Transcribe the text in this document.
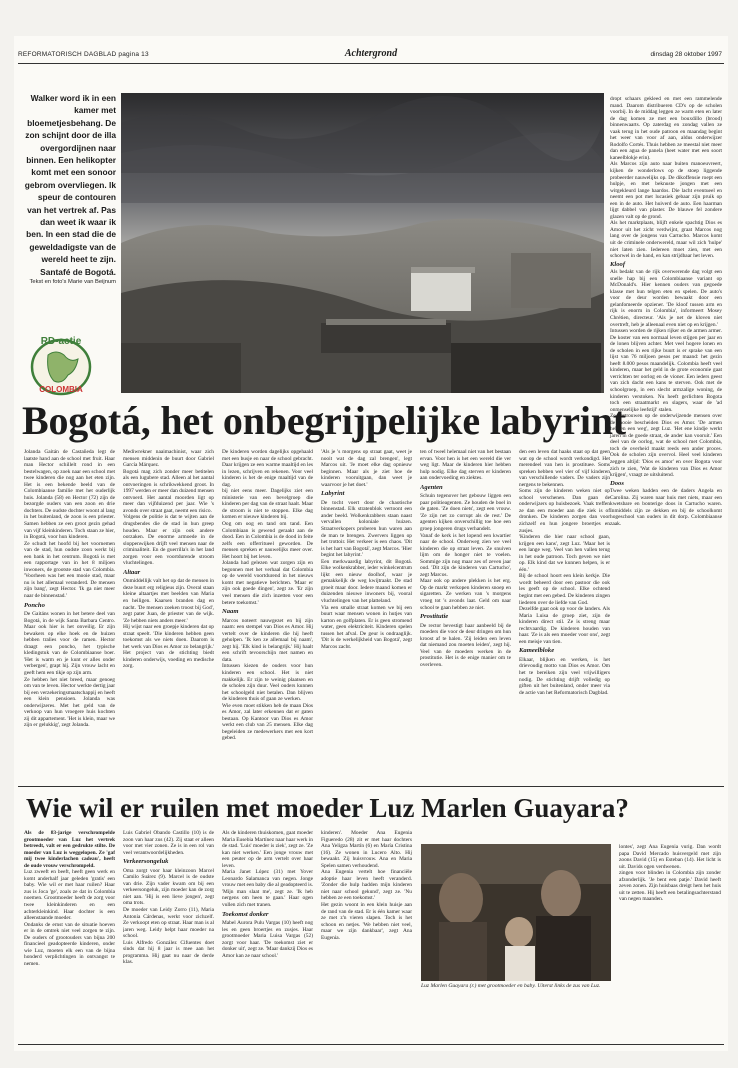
REFORMATORISCH DAGBLAD pagina 13	Achtergrond	dinsdag 28 oktober 1997
Walker word ik in een kamer met bloemetjesbehang. De zon schijnt door de illa overgordijnen naar binnen. Een helikopter komt met een sonoor gebrom overvliegen. Ik speur de contouren van het vertrek af. Pas dan weet ik waar ik ben. In een stad die de geweldadigste van de wereld heet te zijn. Santafé de Bogotá.
Tekst en foto's Marie van Beijnum
RD-actie
COLOMBIA
dropt schaars gekleed en met een rammelende mand. Daarom distribueren CD's op de scholen voorbij. In de middag leggen ze warm eten en later de dag komen ze met een bouxdillo (brood) binnenwaarts. Op zaterdag en zondag vallen ze vaak terug in het oude patroon en maandag begint het weer van voor af aan, aldus onderwijzer Rodolfo Cortés. Thuis hebben ze meestal niet meer dan een agua de panela (heet water met een soort kaneelblokje erin).
Als Marcos zijn auto naar buiten manoeuvreert, kijken de wonderlows op de stoep liggende probeerder nauwelijks op. De dikoffensie roept een hulpje, en met beknuste jongen met een witgekleurd lange haardos. Die lacht eventueel en neemt een pot met lucasiek gebaar zijn pruik op een in de auto. Het huiverd de auto. Een haarman lijgt dabbel van plaster. De blauwe fel zondere glazen valt op de grond.
Als het marktplaats, blijft enkele spachtig Dios es Amor uit het zicht verdwijnt, graat Marcos nog lang over de jongens van Cartucho. Marcos komt uit de criminele onderwereld, maar wil zich 'hulpe' niet laten zien. Iedereen moet zien, met een schorwel in de hand, en kan strijdbaar het leven.
Kloof
Als bedakt van de rijk overwerende dag volgt een snelle hap bij een Colombiaanse variant op McDonald's. Hier kennen ouders van gegoede klasse met hun telgen eten en spelen. De auto's voor de deur worden bewaakt door een gelanfomeerde opziener. 'De kloof tussen arm en rijk is enorm in Colombia', informeert Mosey Chrétien, directeur. 'Als je net de kloven niet overtreft, heb je alleenaal even niet op en krijgen.'
Intussen worden de rijken rijker en de armen armer. De koster van een normaal leven stijgen per jaar en de lonen blijven achter. Met veel hogere lonen en de scholen in een rijke buurt is er sprake van een lijst van 76 miljoen pesos per maand: het gezin heeft 8.000 pesos maandelijk. Colombia heeft veel kinderen, maar het geld in de grote economie gaat verrichten ter oorlog en de vioner. Een ieders geest van zich dacht een kans te sterven. Ook met de schoolgroep, in een slecht armzalige woning, de kinderen verstoken. Nu heeft gerlichten Bogota toch een straatmarkt en slagers, waar de 'ad onmenselijke leefstijl' stalen.
Ze vertrouwen op de onderwijzende mensen over de mooie bescheiden Dios es Amor. 'De armen hebben een weg', zegt Luz. 'Het ene kindje werkt jaren in de goede straat, de ander kan vooruit.' Een deel van de oorlog, wat de school met Colombia, toch de overheid maakt reeds een ander proces. Ook de scholen zijn overvol. Heel veel kinderen zeggen altijd: 'Dios es amor' en over Bogota voor zich te zien, 'Wat de kinderen van Dios es Amor krijgen', vraagt ze uitsluitend.
Doos
Twee weken hadden een de daders Angela en Carolina. Zij waren naar huis met niets, maar een kwetsbare en bonterige doos in Cartucho waren. Inmiddels zijn ze dekken en bij de schoolkomt hogeschool van ouders in dit dorp. Colombiaanse zaak.
Bogotá, het onbegrijpelijke labyrint
Jolanda Gaitán de Castañeda legt de laatste hand aan de school met fruit. Haar man Hector schillelt rond in een bestelwagen, op zoek naar een school met twee kinderen die nog aan het eten zijn. Het is een bekende beeld van de Colombiaanse familie met het ouderlijk huis. Jolanda (58) en Hector (72) zijn de bezorgde ouders van een zoon en drie dochters. De oudste dochter woont al lang in het buitenland, de zoon is een priester. Samen hebben ze een groot gezin gehad van vijf kleinkinderen. Toch staan ze hier, in Bogotá, voor hun kinderen.
Ze schudt het hoofd bij het voornemen van de stad, hun oudste zoon werkt bij een bank in het centrum. Bogotá is met een rapportage van in het 8 miljoen inwoners, de grootste stad van Colombia. 'Voorheen was het een mooie stad, maar nu is het allemaal veranderd. De mensen zijn bang', zegt Hector. 'Ik ga niet meer naar de binnenstad.'
Poncho
De Gaitáns wonen in het betere deel van Bogotá, in de wijk Santa Barbara Centro. Maar ook hier is het onveilig. Er zijn bewakers op elke hoek en de huizen hebben tralies voor de ramen. Hector draagt een poncho, het typische kledingstuk van de Colombiaanse boer. 'Het is warm en je kunt er alles onder verbergen', grapt hij. Zijn vrouw lacht en geeft hem een tikje op zijn arm.
Ze hebben het niet breed, maar genoeg om van te leven. Hector werkte dertig jaar bij een verzekeringsmaatschappij en heeft een klein pensioen. Jolanda was onderwijzeres. Met het geld van de verkoop van hun vroegere huis kochten zij dit appartement. 'Het is klein, maar we zijn er gelukkig', zegt Jolanda.
Mediwrekner naaimachinist, waar zich mensen middenin de buurt door Gabriel García Márquez.
Bogotá mag zich zonder meer betitelen als een lugubere stad. Alleen al het aantal ontvoeringen is schrikwekkend groot. In 1997 werden er meer dan duizend mensen ontvoerd. Het aantal moorden ligt op meer dan vijfduizend per jaar. Wie 's avonds over straat gaat, neemt een risico.
Volgens de politie is dat te wijten aan de drugsbendes die de stad in hun greep houden. Maar er zijn ook andere oorzaken. De enorme armoede in de sloppenwijken drijft veel mensen naar de criminaliteit. En de guerrilla's in het land zorgen voor een voortdurende stroom vluchtelingen.
Altaar
Onmiddellijk valt het op dat de mensen in deze buurt erg religieus zijn. Overal staan kleine altaartjes met beelden van Maria en heiligen. Kaarsen branden dag en nacht. 'De mensen zoeken troost bij God', zegt pater Juan, de priester van de wijk. 'Ze hebben niets anders meer.'
Hij wijst naar een groepje kinderen dat op straat speelt. 'Die kinderen hebben geen toekomst als we niets doen. Daarom is het werk van Dios es Amor zo belangrijk.' Het project van de stichting biedt kinderen onderwijs, voeding en medische zorg.
De kinderen worden dagelijks opgehaald met een busje en naar de school gebracht. Daar krijgen ze een warme maaltijd en les in lezen, schrijven en rekenen. Voor veel kinderen is het de enige maaltijd van de dag.
bij niet eens meer. Dagelijks ziet een ministerie van een bevelgroep die kinderen per dag van de straat haalt. Maar de stroom is niet te stoppen. Elke dag komen er nieuwe kinderen bij.
Oog om oog en tand om tand. Een Colombiaan is gewend geraakt aan de dood. Een in Colombia is de dood in feite zelfs een offerritueel geworden. De mensen spreken er nauwelijks meer over. Het hoort bij het leven.
Jolanda had gelezen wat zorgen zijn en begonnen met het verhaal dat Colombia op de wereld voortdurend in het nieuws komt met negatieve berichten. 'Maar er zijn ook goede dingen', zegt ze. 'Er zijn veel mensen die zich inzetten voor een betere toekomst.'
Naam
Marcos noteert nauwgezet en bij zijn naam: een stempel van Dios es Amor. Hij vertelt over de kinderen die hij heeft geholpen. 'Ik ken ze allemaal bij naam', zegt hij. 'Elk kind is belangrijk.' Hij haalt een schrift tevoorschijn met namen en data.
Intussen kiezen de ouders voor hun kinderen een school. Het is niet makkelijk. Er zijn te weinig plaatsen en de scholen zijn duur. Veel ouders kunnen het schoolgeld niet betalen. Dan blijven de kinderen thuis of gaan ze werken.
Wie even moet stikken heb de maan Dios es Amor, zal later erkennen dat er gaten bestaan. Op Kantoor van Dios es Amor werkt een club van 25 mensen. Elke dag begeleiden ze medewerkers met een kort gebed.
'Als je 's morgens op straat gaat, weet je nooit wat de dag zal brengen', legt Marcos uit. 'Je moet elke dag opnieuw beginnen. Maar als je ziet hoe de kinderen vooruitgaan, dan weet je waarvoor je het doet.'
Labyrint
De tocht voert door de chaotische binnenstad. Elk stratenblok vertoont een ander beeld. Wolkenkrabbers staan naast vervallen koloniale huizen. Straatverkopers proberen hun waren aan de man te brengen. Zwervers liggen op het trottoir. Het verkeer is een chaos. 'Dit is het hart van Bogotá', zegt Marcos. 'Hier begint het labyrint.'
Een merkwaardig labyrint, dit Bogotá. Elke wolkenkrabber, ieder winkelcentrum lijkt een nieuw doolhof, waar je gemakkelijk de weg kwijtraakt. De stad groeit maar door. Iedere maand komen er duizenden nieuwe inwoners bij, vooral vluchtelingen van het platteland.
Via een smalle straat komen we bij een buurt waar mensen wonen in hutjes van karton en golfplaten. Er is geen stromend water, geen elektriciteit. Kinderen spelen tussen het afval. De geur is ondraaglijk. 'Dit is de werkelijkheid van Bogotá', zegt Marcos zacht.
ten of tweel helemaal niet van het bestaan ervan. Voor hen is het een wereld die ver weg ligt. Maar de kinderen hier hebben hulp nodig. Elke dag sterven er kinderen aan ondervoeding en ziektes.
Agenten
Schuin tegenover het gebouw liggen een paar politieagenten. Ze houden de boel in de gaten. 'Ze doen niets', zegt een vrouw. 'Ze zijn net zo corrupt als de rest.' De agenten kijken onverschillig toe hoe een groep jongeren drugs verhandelt.
Vanaf de kerk is het lopend een kwartier naar de school. Onderweg zien we veel kinderen die op straat leven. Ze snuiven lijm om de honger niet te voelen. Sommige zijn nog maar zes of zeven jaar oud. 'Dit zijn de kinderen van Cartucho', zegt Marcos.
Maar ook op andere plekken is het erg. Op de markt verkopen kinderen snoep en sigaretten. Ze werken van 's morgens vroeg tot 's avonds laat. Geld om naar school te gaan hebben ze niet.
Prostitutie
De rector bevestigt haar aanbeeld bij de moeders die voor de deur dringen om hun kroost af te halen. 'Zij leiden een leven dat niemand zou moeten leiden', zegt hij. Veel van de moeders werken in de prostitutie. Het is de enige manier om te overleven.
den een leven dat haaks staat op dat geen wat op de school wordt verkondigd. Het merendeel van hen is prostituee. Soms spreken hebben wel vier of vijf kinderen van verschillende vaders. De vaders zijn nergens te bekennen.
Soms zijn de kinderen weken niet op school verschenen. Dan gaan de onderwijzers op huisbezoek. Vaak treffen ze dan een moeder aan die ziek is of dronken. De kinderen zorgen dan voor zichzelf en hun jongere broertjes en zusjes.
'Kinderen die hier naar school gaan, krijgen een kans', zegt Luz. 'Maar het is een lange weg. Veel van hen vallen terug in het oude patroon. Toch geven we niet op. Elk kind dat we kunnen helpen, is er één.'
Bij de school hoort een klein kerkje. Die wordt beheerd door een pastoor die ook les geeft op de school. Elke ochtend begint met een gebed. De kinderen zingen liederen over de liefde van God.
Dezelfde gaat ook op voor de landers. Als Maria Luisa de groep ziet, zijn de kinderen direct stil. Ze is streng maar rechtvaardig. De kinderen houden van haar. 'Ze is als een moeder voor ons', zegt een meisje van tien.
Kameelbloke
Elkaar, blijken en werken, is het drievoudig motto van Dios es Amor. Om het te bereiken zijn veel vrijwilligers nodig. De stichting drijft volledig op giften uit het buitenland, onder meer via de actie van het Reformatorisch Dagblad.
Wie wil er ruilen met moeder Luz Marlen Guayara?
Als de 83-jarige verschrompelde grootmoeder van Luz het vertrek betreedt, valt er een gedrukte stilte. De moeder van Luz is weggelopen. Ze 'gaf mij twee kinderlachen cadeau', heeft de oude vrouw verschrompeld.
Luz zweeft en beeft, heeft geen werk en komt anderhalf jaar geleden 'gratis' een baby. Wie wil er met haar ruilen? Haar zus is Joca 'ge', zoals ze dat in Colombia noemen. Grootmoeder heeft de zorg voor twee kleinkinderen en een achterkleinkind. Haar dochter is een alleenstaande moeder.
Ondanks de ernst van de situatie hoeven er in de omtrek niet veel zorgen te zijn. De ouders of grootouders van bijna 200 financieel geadopteerde kinderen, onder wie Luz, moeten elk een van de bijna honderd verplichtingen in ontvangst te nemen.
Luis Gabriel Obando Castillo (10) is de zoon van haar zus (42). Zij staat er alleen voor met vier zonen. Ze is in een rol van veel verantwoordelijkheden.
Verkeersongeluk
Oma zorgt voor haar kleinzoon Marcel Camilo Suárez (9). Marcel is de oudste van drie. Zijn vader kwam om bij een verkeersongeluk, zijn moeder kan de zorg niet aan. 'Hij is een lieve jongen', zegt oma trots.
De moeder van Leidy Zorro (11), Maria Antonia Cárdenas, werkt voor zichzelf. Ze verkoopt eten op straat. Haar man is al jaren weg. Leidy helpt haar moeder na school.
Luis Alfredo González Cifuentes doet sinds dat hij 8 jaar is mee aan het programma. Hij gaat nu naar de derde klas.
Als de kinderen thuiskomen, gaat moeder Maria Eusebia Martínez naar haar werk in de stad. 'Luis' moeder is ziek', zegt ze. 'Ze kan niet werken.' Een jonge vrouw met een peuter op de arm vertelt over haar leven.
Maria Janet López (31) met Yover Leonardo Salamanca van negen. Jonge vrouw met een baby die al geadopteerd is. 'Mijn man slaat me', zegt ze. 'Ik heb nergens om heen te gaan.' Haar ogen vullen zich met tranen.
Toekomst donker
Mabel Aurora Pulu Vargas (10) heeft nog les en geen broertjes en zusjes. Haar grootmoeder Maria Luisa Vargas (52) zorgt voor haar. 'De toekomst ziet er donker uit', zegt ze. 'Maar dankzij Dios es Amor kan ze naar school.'
kinderen'. Moeder Ana Eugenia Figueredo (28) zit er met haar dochters Ana Yeligza Martín (6) en María Cristina (16). Ze wonen in Lucero Alto. Hij bewaakt. Zij huisvrouw. Ana en Maria Spelen samen verhoudend.
Ana Eugenia vertelt hoe financiële adoptie haar leven heeft veranderd. 'Zonder die hulp hadden mijn kinderen niet naar school gekund', zegt ze. 'Nu hebben ze een toekomst.'
Het gezin woont in een klein huisje aan de rand van de stad. Er is één kamer waar ze met z'n vieren slapen. Toch is het schoon en netjes. 'We hebben niet veel, maar we zijn dankbaar', zegt Ana Eugenia.
Luz Marlen Guayara (r.) met grootmoeder en baby. Uiterst links de zus van Luz.
lontes', zegt Ana Eugenia vurig. Dan wordt papa David Mercado huisvergeld met zijn zoons David (15) en Esteban (14). Het licht is uit. Davids ogen verdwenen.
zingen voor blinden in Colombia zijn zonder afzonderlijk. 'Je bent een patje.' David heeft zeven zonen. Zijn huisbaas dreigt hem het huis uit te zetten. Hij heeft een betalingsachterstand van negen maanden.
